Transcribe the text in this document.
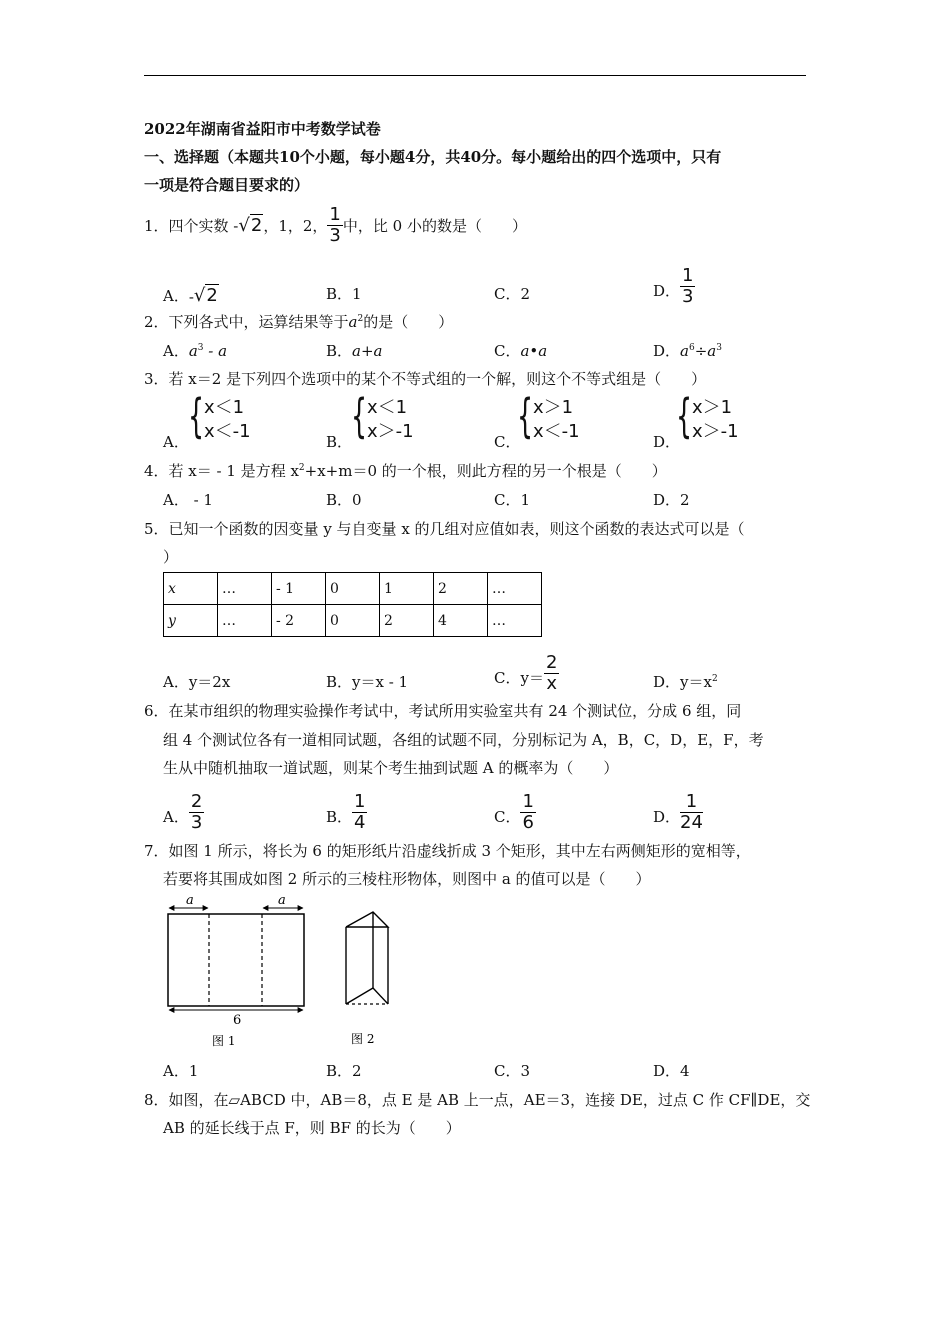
2022年湖南省益阳市中考数学试卷
一、选择题（本题共10个小题，每小题4分，共40分。每小题给出的四个选项中，只有
一项是符合题目要求的）
1．四个实数 - √2 ，1，2， $\frac{1}{3}$ 中，比 0 小的数是（　　）
A． - √2	B．1	C．2	D． $\frac{1}{3}$
2．下列各式中，运算结果等于$a^2$的是（　　）
A．$a^3$ - a	B．a+a	C．a•a	D．$a^6\div a^3$
3．若 x＝2 是下列四个选项中的某个不等式组的一个解，则这个不等式组是（　　）
A． { x＜1
x＜-1	B．
{ x＜1
x＞-1	C．
{ x＞1
x＜-1	D．
{ x＞1
x＞-1
4．若 x＝ - 1 是方程 $x^2+x+m=0$ 的一个根，则此方程的另一个根是（　　）
A． - 1	B．0	C．1	D．2
5．已知一个函数的因变量 y 与自变量 x 的几组对应值如表，则这个函数的表达式可以是（
）
x	…	- 1	0	1	2	…
y	…	- 2	0	2	4	…
A．y＝2x	B．y＝x - 1	C．$y= \frac{2}{x}$	D．$y=x^2$
6．在某市组织的物理实验操作考试中，考试所用实验室共有 24 个测试位，分成 6 组，同
组 4 个测试位各有一道相同试题，各组的试题不同，分别标记为 A，B，C，D，E，F，考
生从中随机抽取一道试题，则某个考生抽到试题 A 的概率为（　　）
A． $\frac{2}{3}$	B． $\frac{1}{4}$	C． $\frac{1}{6}$	D． $\frac{1}{24}$
7．如图 1 所示，将长为 6 的矩形纸片沿虚线折成 3 个矩形，其中左右两侧矩形的宽相等，
若要将其围成如图 2 所示的三棱柱形物体，则图中 a 的值可以是（　　）
a	a
6
图 1	图 2
A．1	B．2	C．3	D．4
8．如图，在▱ABCD 中，AB＝8，点 E 是 AB 上一点，AE＝3，连接 DE，过点 C 作 CF∥DE，交
AB 的延长线于点 F，则 BF 的长为（　　）
